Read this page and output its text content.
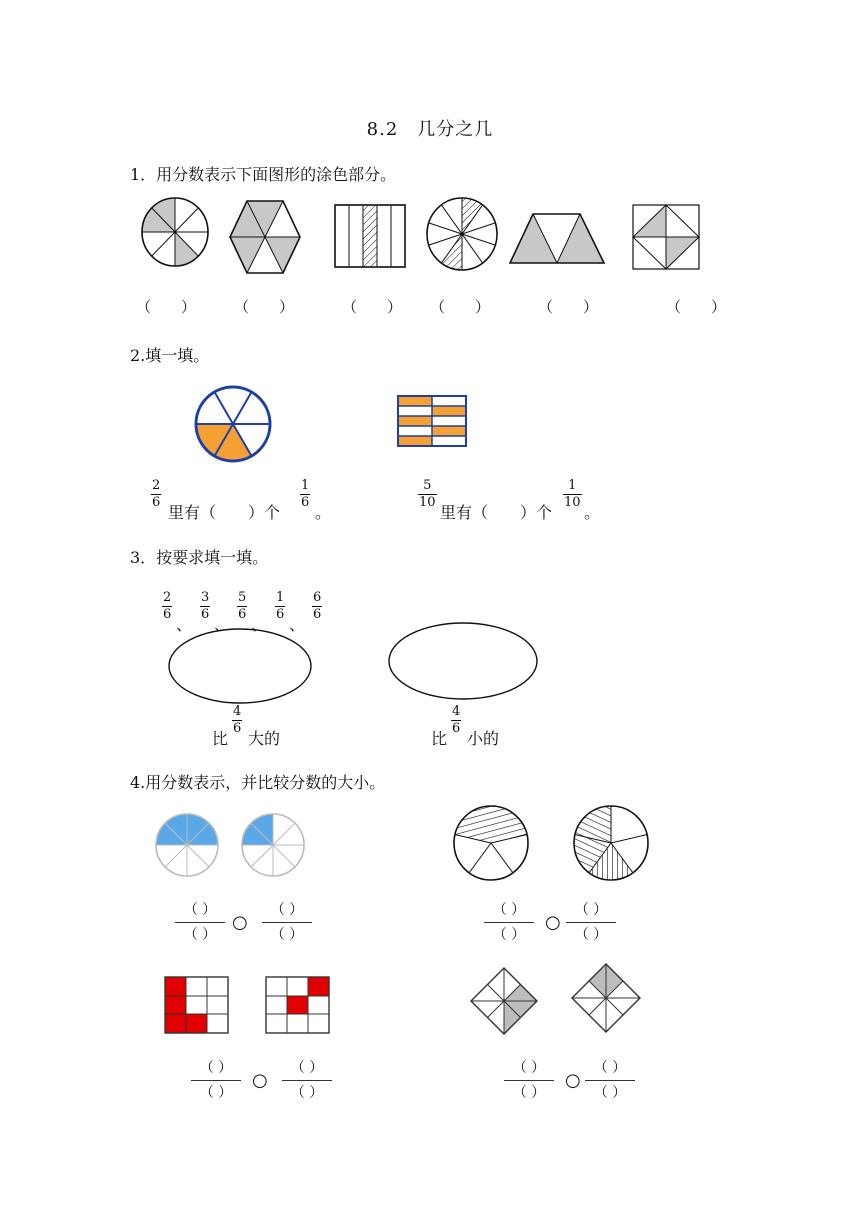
8.2　几分之几
1．用分数表示下面图形的涂色部分。
（　　）	（　　）	（　　） （　　）	（　　）	（　　）
2.填一填。
$\frac{2}{6}$
里有（　　）个
$\frac{1}{6}$
。
$\frac{5}{10}$
里有（　　）个
$\frac{1}{10}$
。
3．按要求填一填。
$\frac{2}{6}$
、
$\frac{3}{6}$
、
$\frac{5}{6}$
、
$\frac{1}{6}$
、
$\frac{6}{6}$
比
$\frac{4}{6}$
大的	比
$\frac{4}{6}$
小的
4.用分数表示，并比较分数的大小。
（ ）
（ ）
○
（ ）
（ ）
（ ）
（ ）
○
（ ）
（ ）
（ ）
（ ）
○
（ ）
（ ）
（ ）
（ ）
○
（ ）
（ ）
